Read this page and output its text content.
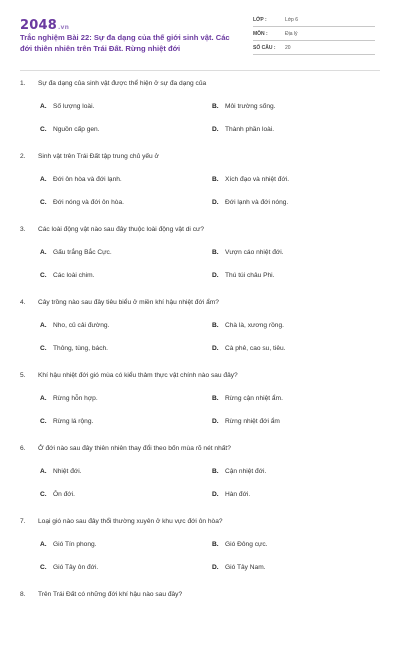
2048.vn
Trắc nghiệm Bài 22: Sự đa dạng của thế giới sinh vật. Các đới thiên nhiên trên Trái Đất. Rừng nhiệt đới
LỚP :	Lớp 6
MÔN :	Địa lý
SỐ CÂU :	20
1. Sự đa dạng của sinh vật được thể hiện ở sự đa dạng của
A. Số lượng loài.	B. Môi trường sống.
C. Nguồn cấp gen.	D. Thành phần loài.
2. Sinh vật trên Trái Đất tập trung chủ yếu ở
A. Đới ôn hòa và đới lạnh.	B. Xích đạo và nhiệt đới.
C. Đới nóng và đới ôn hòa.	D. Đới lạnh và đới nóng.
3. Các loài động vật nào sau đây thuộc loài động vật di cư?
A. Gấu trắng Bắc Cực.	B. Vượn cáo nhiệt đới.
C. Các loài chim.	D. Thú túi châu Phi.
4. Cây trồng nào sau đây tiêu biểu ở miền khí hậu nhiệt đới ẩm?
A. Nho, củ cải đường.	B. Chà là, xương rồng.
C. Thông, tùng, bách.	D. Cà phê, cao su, tiêu.
5. Khí hậu nhiệt đới gió mùa có kiểu thảm thực vật chính nào sau đây?
A. Rừng hỗn hợp.	B. Rừng cận nhiệt ẩm.
C. Rừng lá rộng.	D. Rừng nhiệt đới ẩm
6. Ở đới nào sau đây thiên nhiên thay đổi theo bốn mùa rõ nét nhất?
A. Nhiệt đới.	B. Cận nhiệt đới.
C. Ôn đới.	D. Hàn đới.
7. Loại gió nào sau đây thổi thường xuyên ở khu vực đới ôn hòa?
A. Gió Tín phong.	B. Gió Đông cực.
C. Gió Tây ôn đới.	D. Gió Tây Nam.
8. Trên Trái Đất có những đới khí hậu nào sau đây?
